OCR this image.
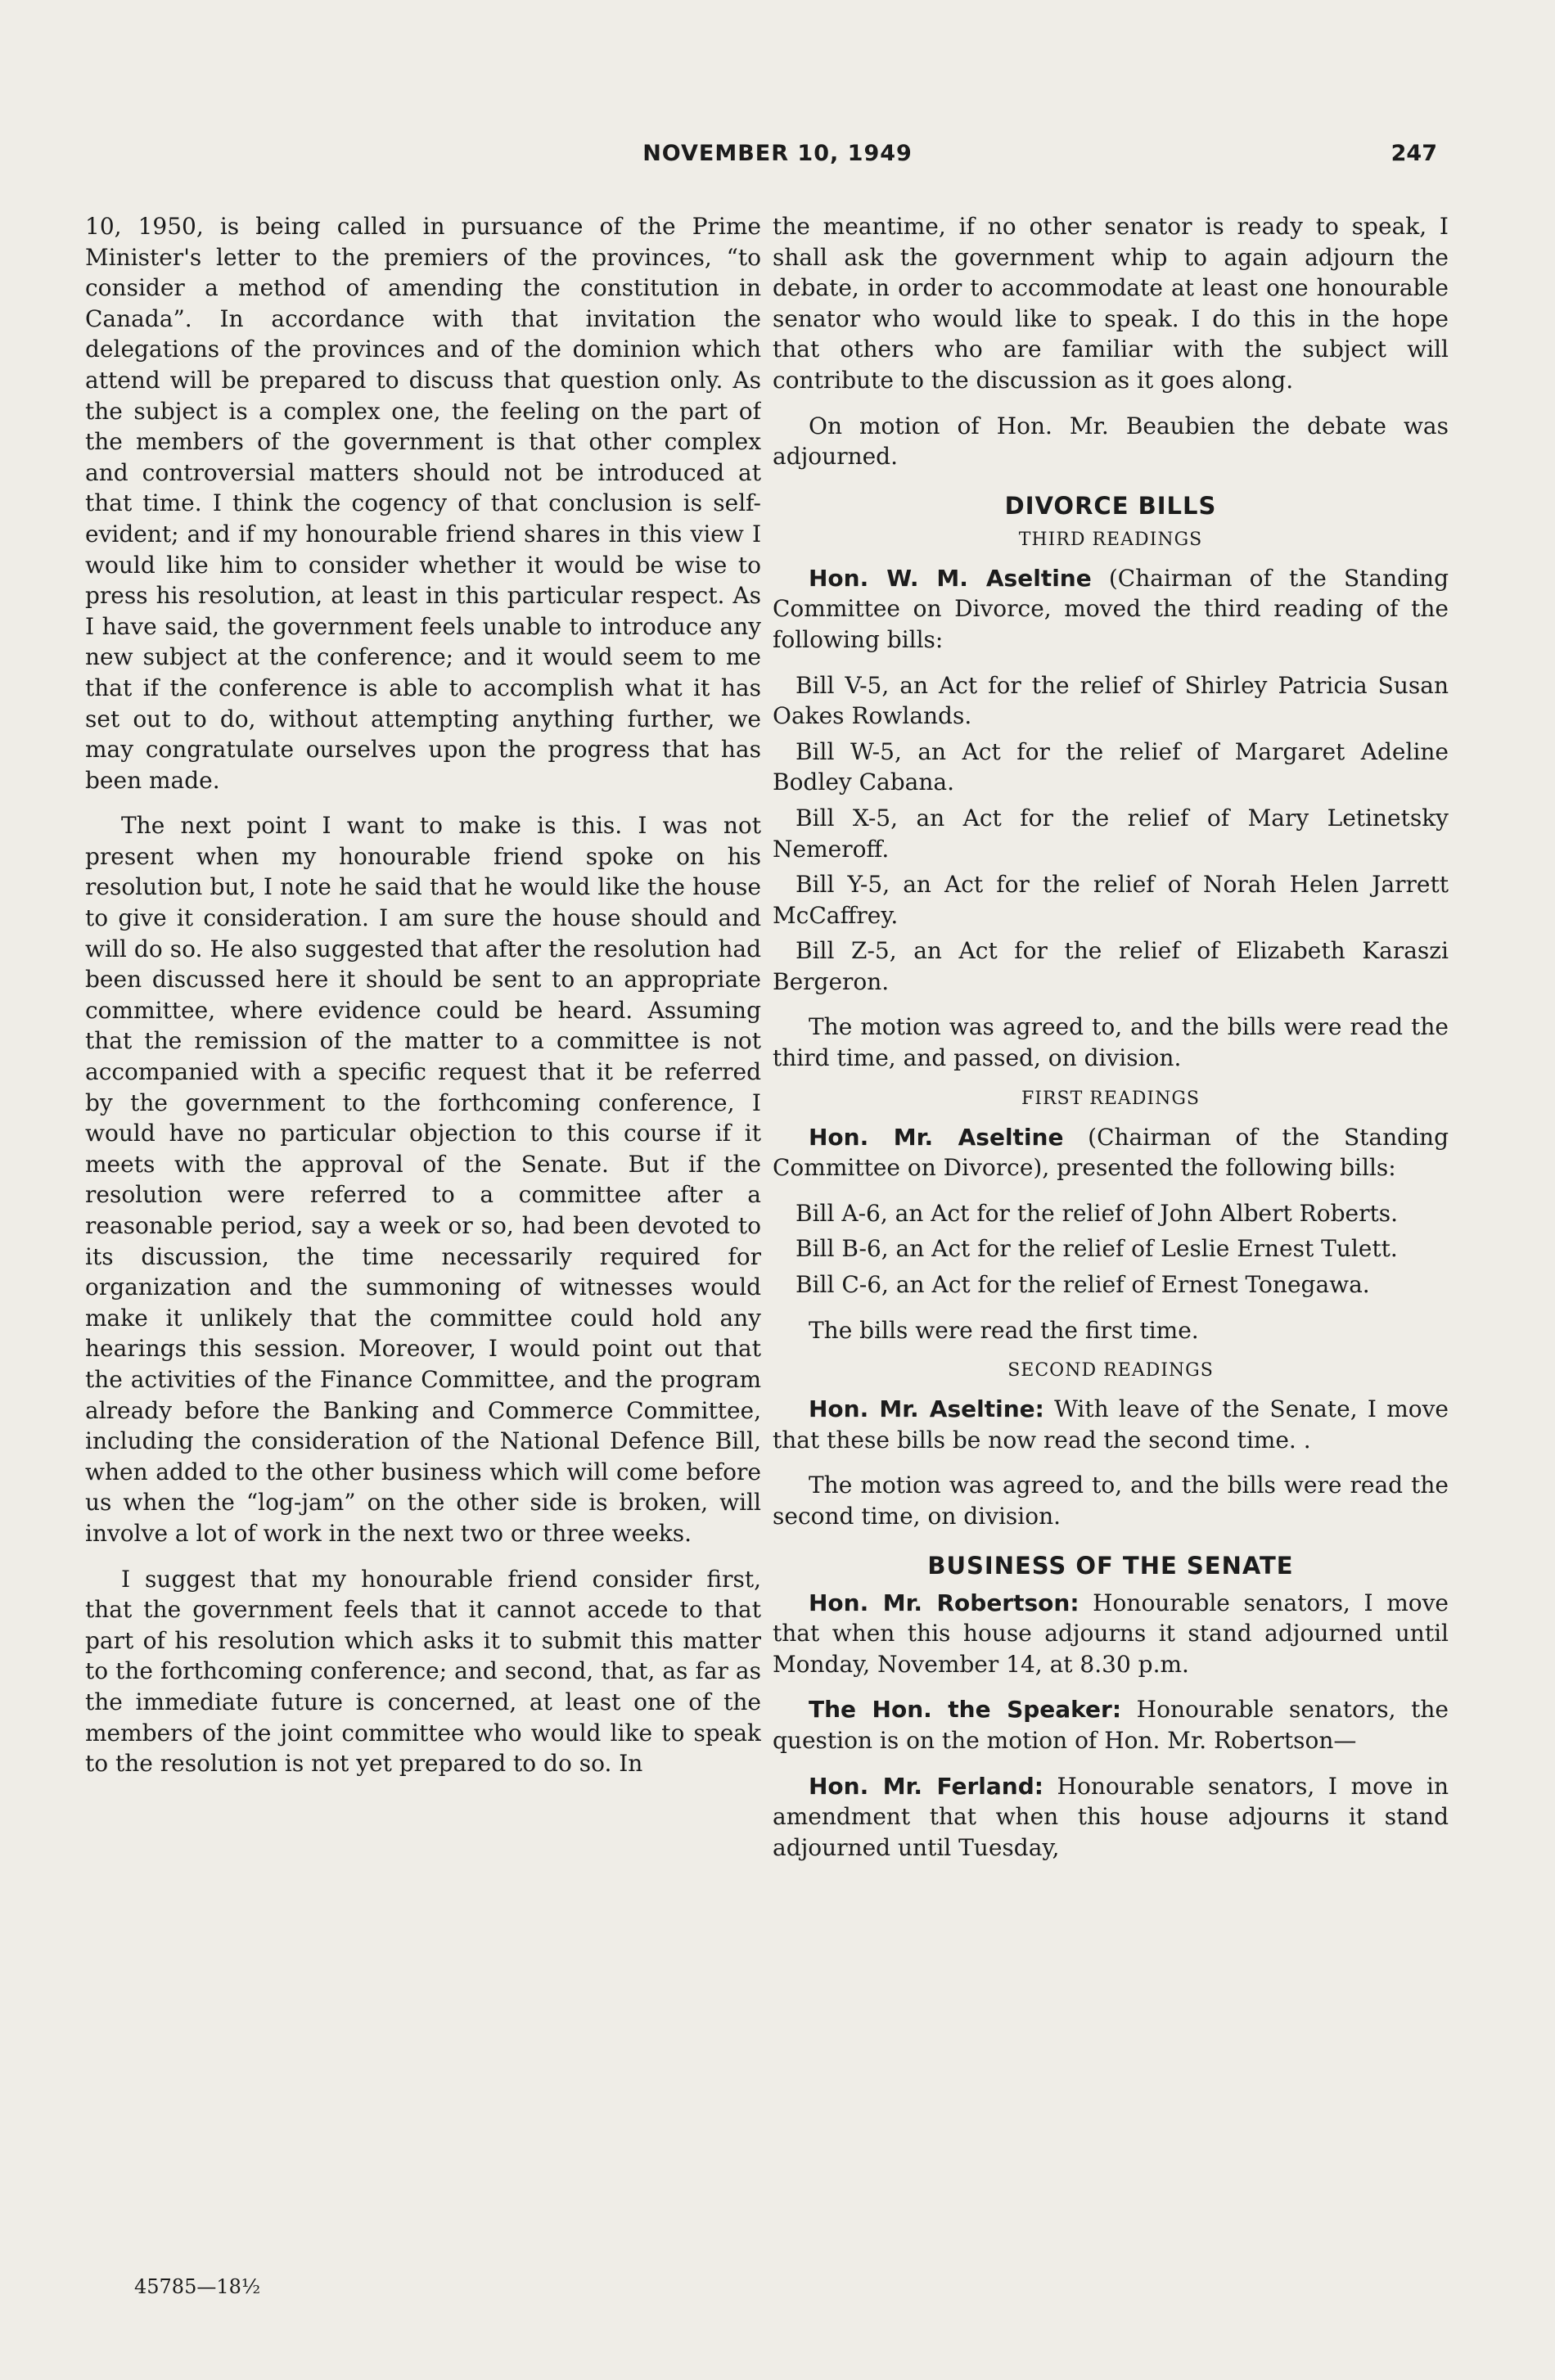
NOVEMBER 10, 1949	247

10, 1950, is being called in pursuance of the Prime Minister's letter to the premiers of the provinces, “to consider a method of amending the constitution in Canada”. In accordance with that invitation the delegations of the provinces and of the dominion which attend will be prepared to discuss that question only. As the subject is a complex one, the feeling on the part of the members of the government is that other complex and controversial matters should not be introduced at that time. I think the cogency of that conclusion is self-evident; and if my honourable friend shares in this view I would like him to consider whether it would be wise to press his resolution, at least in this particular respect. As I have said, the government feels unable to introduce any new subject at the conference; and it would seem to me that if the conference is able to accomplish what it has set out to do, without attempting anything further, we may congratulate ourselves upon the progress that has been made.

The next point I want to make is this. I was not present when my honourable friend spoke on his resolution but, I note he said that he would like the house to give it consideration. I am sure the house should and will do so. He also suggested that after the resolution had been discussed here it should be sent to an appropriate committee, where evidence could be heard. Assuming that the remission of the matter to a committee is not accompanied with a specific request that it be referred by the government to the forthcoming conference, I would have no particular objection to this course if it meets with the approval of the Senate. But if the resolution were referred to a committee after a reasonable period, say a week or so, had been devoted to its discussion, the time necessarily required for organization and the summoning of witnesses would make it unlikely that the committee could hold any hearings this session. Moreover, I would point out that the activities of the Finance Committee, and the program already before the Banking and Commerce Committee, including the consideration of the National Defence Bill, when added to the other business which will come before us when the “log-jam” on the other side is broken, will involve a lot of work in the next two or three weeks.

I suggest that my honourable friend consider first, that the government feels that it cannot accede to that part of his resolution which asks it to submit this matter to the forthcoming conference; and second, that, as far as the immediate future is concerned, at least one of the members of the joint committee who would like to speak to the resolution is not yet prepared to do so. In

45785—18½

the meantime, if no other senator is ready to speak, I shall ask the government whip to again adjourn the debate, in order to accommodate at least one honourable senator who would like to speak. I do this in the hope that others who are familiar with the subject will contribute to the discussion as it goes along.

On motion of Hon. Mr. Beaubien the debate was adjourned.

DIVORCE BILLS
THIRD READINGS

Hon. W. M. Aseltine (Chairman of the Standing Committee on Divorce, moved the third reading of the following bills:

Bill V-5, an Act for the relief of Shirley Patricia Susan Oakes Rowlands.

Bill W-5, an Act for the relief of Margaret Adeline Bodley Cabana.

Bill X-5, an Act for the relief of Mary Letinetsky Nemeroff.

Bill Y-5, an Act for the relief of Norah Helen Jarrett McCaffrey.

Bill Z-5, an Act for the relief of Elizabeth Karaszi Bergeron.

The motion was agreed to, and the bills were read the third time, and passed, on division.

FIRST READINGS

Hon. Mr. Aseltine (Chairman of the Standing Committee on Divorce), presented the following bills:

Bill A-6, an Act for the relief of John Albert Roberts.

Bill B-6, an Act for the relief of Leslie Ernest Tulett.

Bill C-6, an Act for the relief of Ernest Tonegawa.

The bills were read the first time.

SECOND READINGS

Hon. Mr. Aseltine: With leave of the Senate, I move that these bills be now read the second time. .

The motion was agreed to, and the bills were read the second time, on division.

BUSINESS OF THE SENATE

Hon. Mr. Robertson: Honourable senators, I move that when this house adjourns it stand adjourned until Monday, November 14, at 8.30 p.m.

The Hon. the Speaker: Honourable senators, the question is on the motion of Hon. Mr. Robertson—

Hon. Mr. Ferland: Honourable senators, I move in amendment that when this house adjourns it stand adjourned until Tuesday,
